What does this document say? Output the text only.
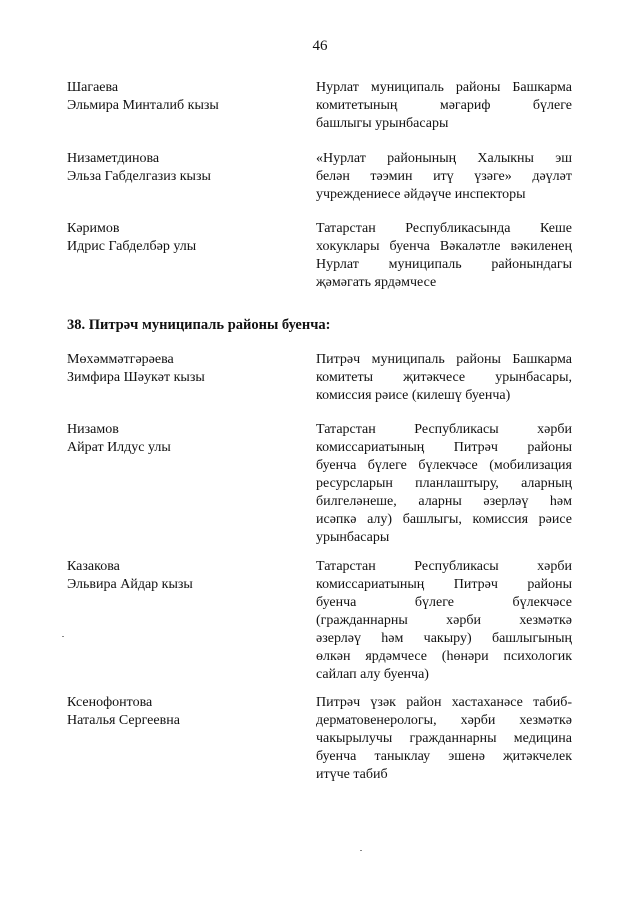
46
Шагаева
Эльмира Минталиб кызы
Нурлат муниципаль районы Башкарма
комитетының мәгариф бүлеге
башлыгы урынбасары
Низаметдинова
Эльза Габделгазиз кызы
«Нурлат районының Халыкны эш
белән тәэмин итү үзәге» дәүләт
учреждениесе әйдәүче инспекторы
Кәримов
Идрис Габделбәр улы
Татарстан Республикасында Кеше
хокуклары буенча Вәкаләтле вәкиленең
Нурлат муниципаль районындагы
җәмәгать ярдәмчесе
38. Питрәч муниципаль районы буенча:
Мөхәммәтгәрәева
Зимфира Шәукәт кызы
Питрәч муниципаль районы Башкарма
комитеты җитәкчесе урынбасары,
комиссия рәисе (килешү буенча)
Низамов
Айрат Илдус улы
Татарстан Республикасы хәрби
комиссариатының Питрәч районы
буенча бүлеге бүлекчәсе (мобилизация
ресурсларын планлаштыру, аларның
билгеләнеше, аларны әзерләү һәм
исәпкә алу) башлыгы, комиссия рәисе
урынбасары
Казакова
Эльвира Айдар кызы
Татарстан Республикасы хәрби
комиссариатының Питрәч районы
буенча бүлеге бүлекчәсе
(гражданнарны хәрби хезмәткә
әзерләү һәм чакыру) башлыгының
өлкән ярдәмчесе (һөнәри психологик
сайлап алу буенча)
Ксенофонтова
Наталья Сергеевна
Питрәч үзәк район хастаханәсе табиб-
дерматовенерологы, хәрби хезмәткә
чакырылучы гражданнарны медицина
буенча таныклау эшенә җитәкчелек
итүче табиб
